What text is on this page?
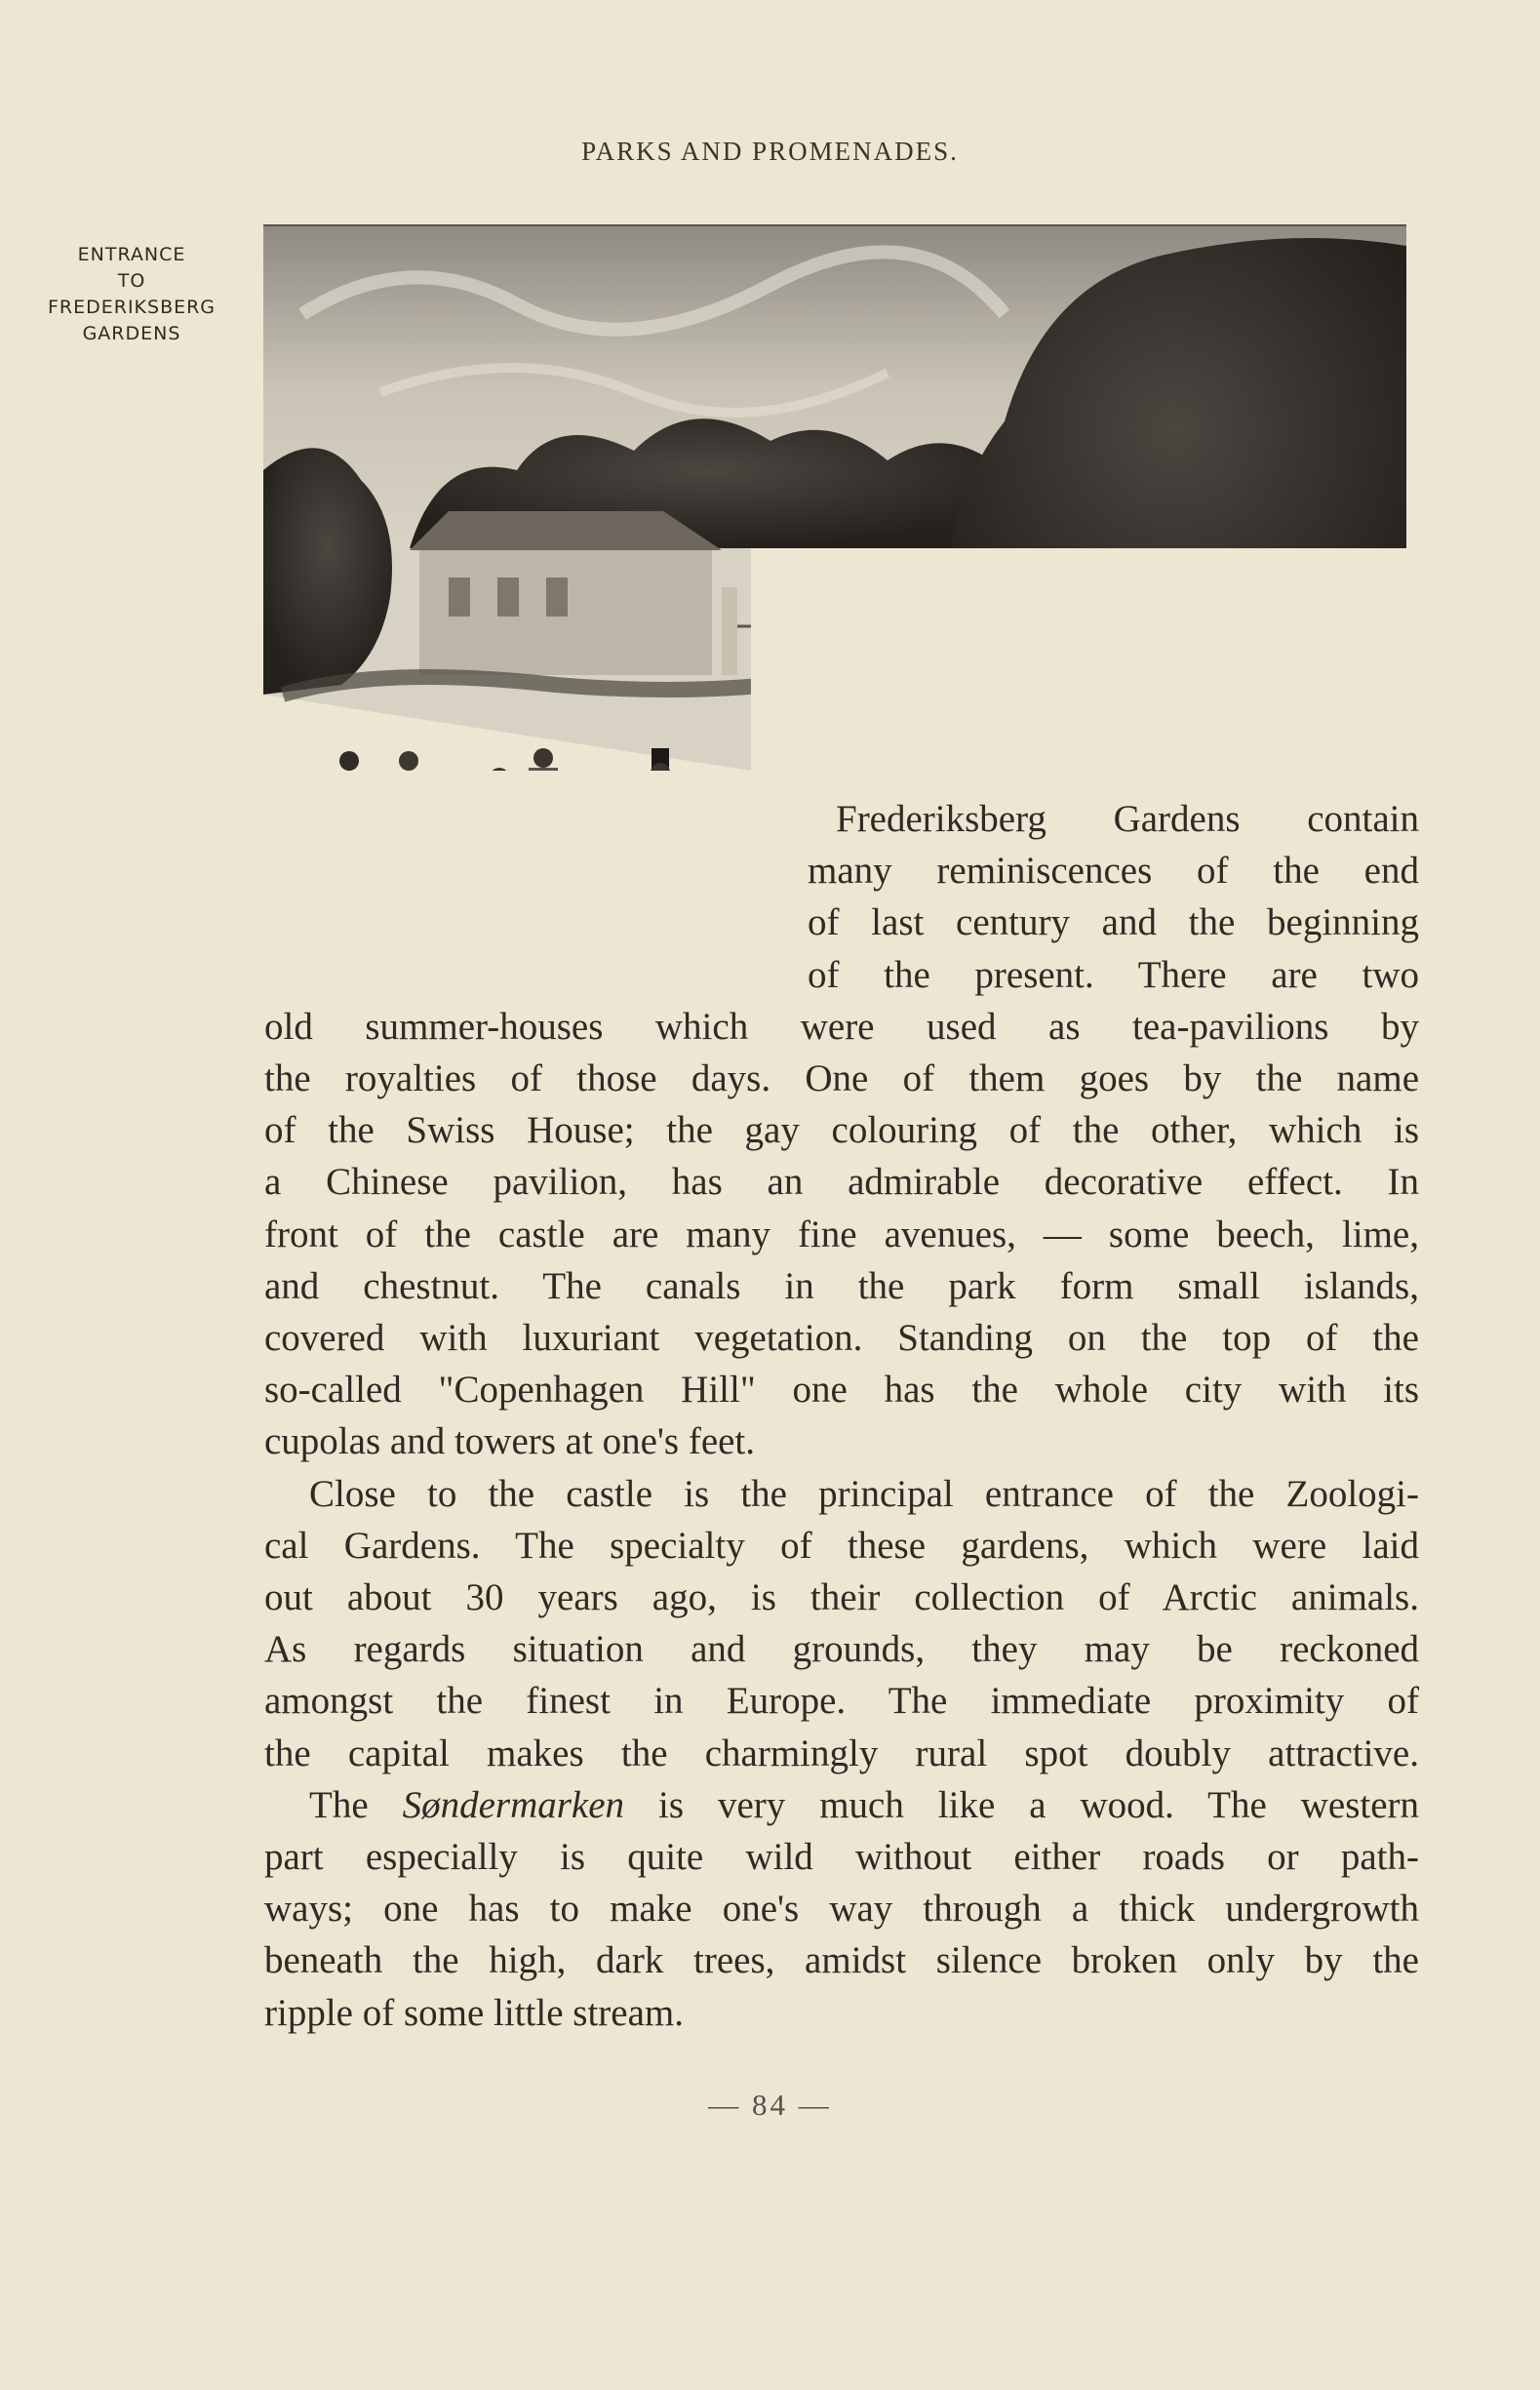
PARKS AND PROMENADES.
ENTRANCE
TO
FREDERIKSBERG
GARDENS
Frederiksberg Gardens contain
many reminiscences of the end
of last century and the beginning
of the present. There are two
old summer-houses which were used as tea-pavilions by
the royalties of those days. One of them goes by the name
of the Swiss House; the gay colouring of the other, which is
a Chinese pavilion, has an admirable decorative effect. In
front of the castle are many fine avenues, — some beech, lime,
and chestnut. The canals in the park form small islands,
covered with luxuriant vegetation. Standing on the top of the
so-called "Copenhagen Hill" one has the whole city with its
cupolas and towers at one's feet.
Close to the castle is the principal entrance of the Zoologi-
cal Gardens. The specialty of these gardens, which were laid
out about 30 years ago, is their collection of Arctic animals.
As regards situation and grounds, they may be reckoned
amongst the finest in Europe. The immediate proximity of
the capital makes the charmingly rural spot doubly attractive.
The Søndermarken is very much like a wood. The western
part especially is quite wild without either roads or path-
ways; one has to make one's way through a thick undergrowth
beneath the high, dark trees, amidst silence broken only by the
ripple of some little stream.
— 84 —
